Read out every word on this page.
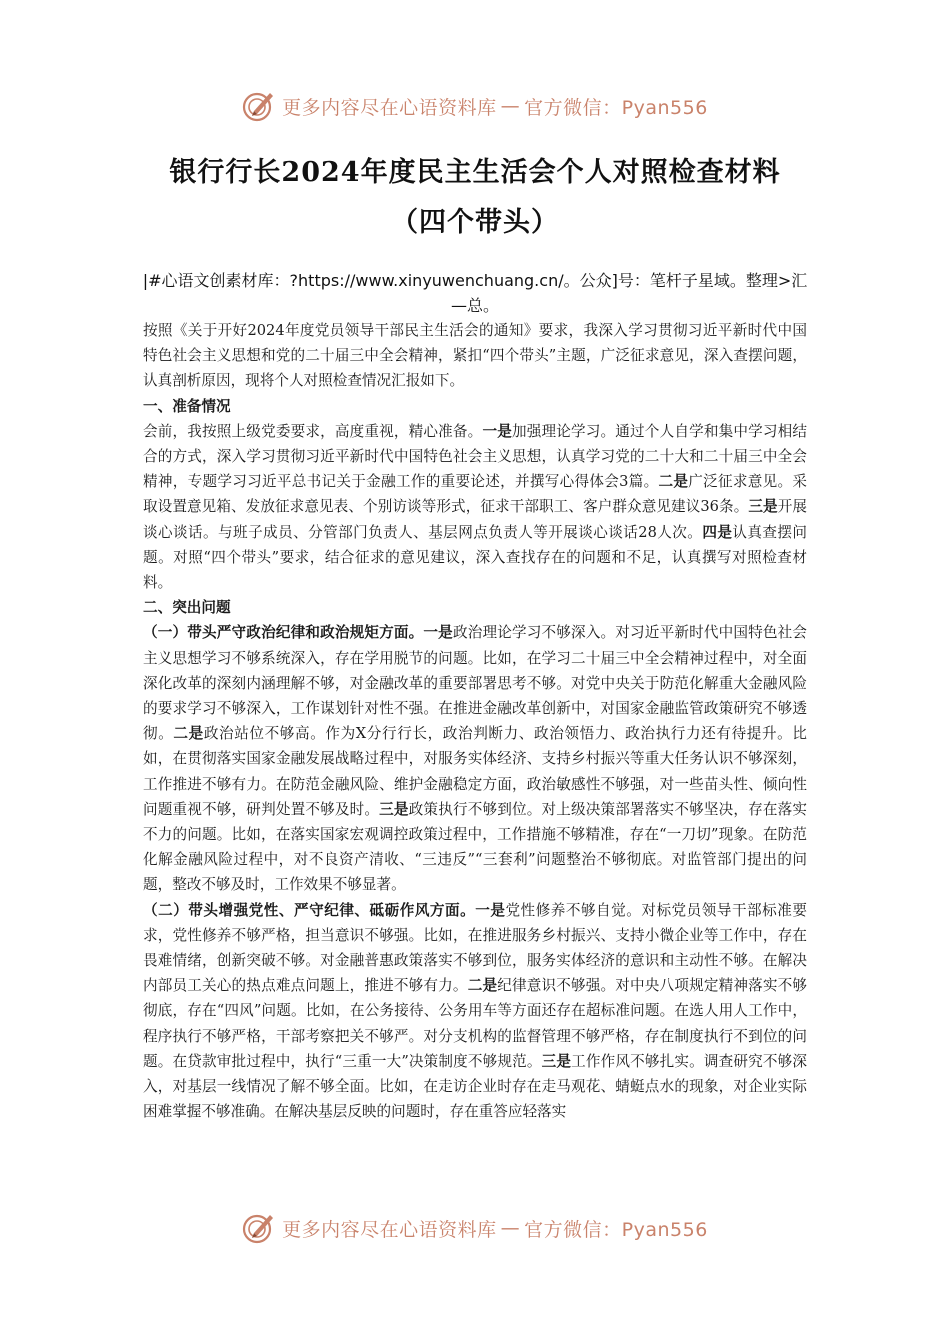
更多内容尽在心语资料库 — 官方微信：Pyan556
银行行长2024年度民主生活会个人对照检查材料
（四个带头）
|#心语文创素材库：?https://www.xinyuwenchuang.cn/。公众]号：笔杆子星域。整理>汇—总。

按照《关于开好2024年度党员领导干部民主生活会的通知》要求，我深入学习贯彻习近平新时代中国特色社会主义思想和党的二十届三中全会精神，紧扣“四个带头”主题，广泛征求意见，深入查摆问题，认真剖析原因，现将个人对照检查情况汇报如下。

一、准备情况

会前，我按照上级党委要求，高度重视，精心准备。一是加强理论学习。通过个人自学和集中学习相结合的方式，深入学习贯彻习近平新时代中国特色社会主义思想，认真学习党的二十大和二十届三中全会精神，专题学习习近平总书记关于金融工作的重要论述，并撰写心得体会3篇。二是广泛征求意见。采取设置意见箱、发放征求意见表、个别访谈等形式，征求干部职工、客户群众意见建议36条。三是开展谈心谈话。与班子成员、分管部门负责人、基层网点负责人等开展谈心谈话28人次。四是认真查摆问题。对照“四个带头”要求，结合征求的意见建议，深入查找存在的问题和不足，认真撰写对照检查材料。

二、突出问题

（一）带头严守政治纪律和政治规矩方面。一是政治理论学习不够深入。对习近平新时代中国特色社会主义思想学习不够系统深入，存在学用脱节的问题。比如，在学习二十届三中全会精神过程中，对全面深化改革的深刻内涵理解不够，对金融改革的重要部署思考不够。对党中央关于防范化解重大金融风险的要求学习不够深入，工作谋划针对性不强。在推进金融改革创新中，对国家金融监管政策研究不够透彻。二是政治站位不够高。作为X分行行长，政治判断力、政治领悟力、政治执行力还有待提升。比如，在贯彻落实国家金融发展战略过程中，对服务实体经济、支持乡村振兴等重大任务认识不够深刻，工作推进不够有力。在防范金融风险、维护金融稳定方面，政治敏感性不够强，对一些苗头性、倾向性问题重视不够，研判处置不够及时。三是政策执行不够到位。对上级决策部署落实不够坚决，存在落实不力的问题。比如，在落实国家宏观调控政策过程中，工作措施不够精准，存在“一刀切”现象。在防范化解金融风险过程中，对不良资产清收、“三违反”“三套利”问题整治不够彻底。对监管部门提出的问题，整改不够及时，工作效果不够显著。

（二）带头增强党性、严守纪律、砥砺作风方面。一是党性修养不够自觉。对标党员领导干部标准要求，党性修养不够严格，担当意识不够强。比如，在推进服务乡村振兴、支持小微企业等工作中，存在畏难情绪，创新突破不够。对金融普惠政策落实不够到位，服务实体经济的意识和主动性不够。在解决内部员工关心的热点难点问题上，推进不够有力。二是纪律意识不够强。对中央八项规定精神落实不够彻底，存在“四风”问题。比如，在公务接待、公务用车等方面还存在超标准问题。在选人用人工作中，程序执行不够严格，干部考察把关不够严。对分支机构的监督管理不够严格，存在制度执行不到位的问题。在贷款审批过程中，执行“三重一大”决策制度不够规范。三是工作作风不够扎实。调查研究不够深入，对基层一线情况了解不够全面。比如，在走访企业时存在走马观花、蜻蜓点水的现象，对企业实际困难掌握不够准确。在解决基层反映的问题时，存在重答应轻落实

更多内容尽在心语资料库 — 官方微信：Pyan556
